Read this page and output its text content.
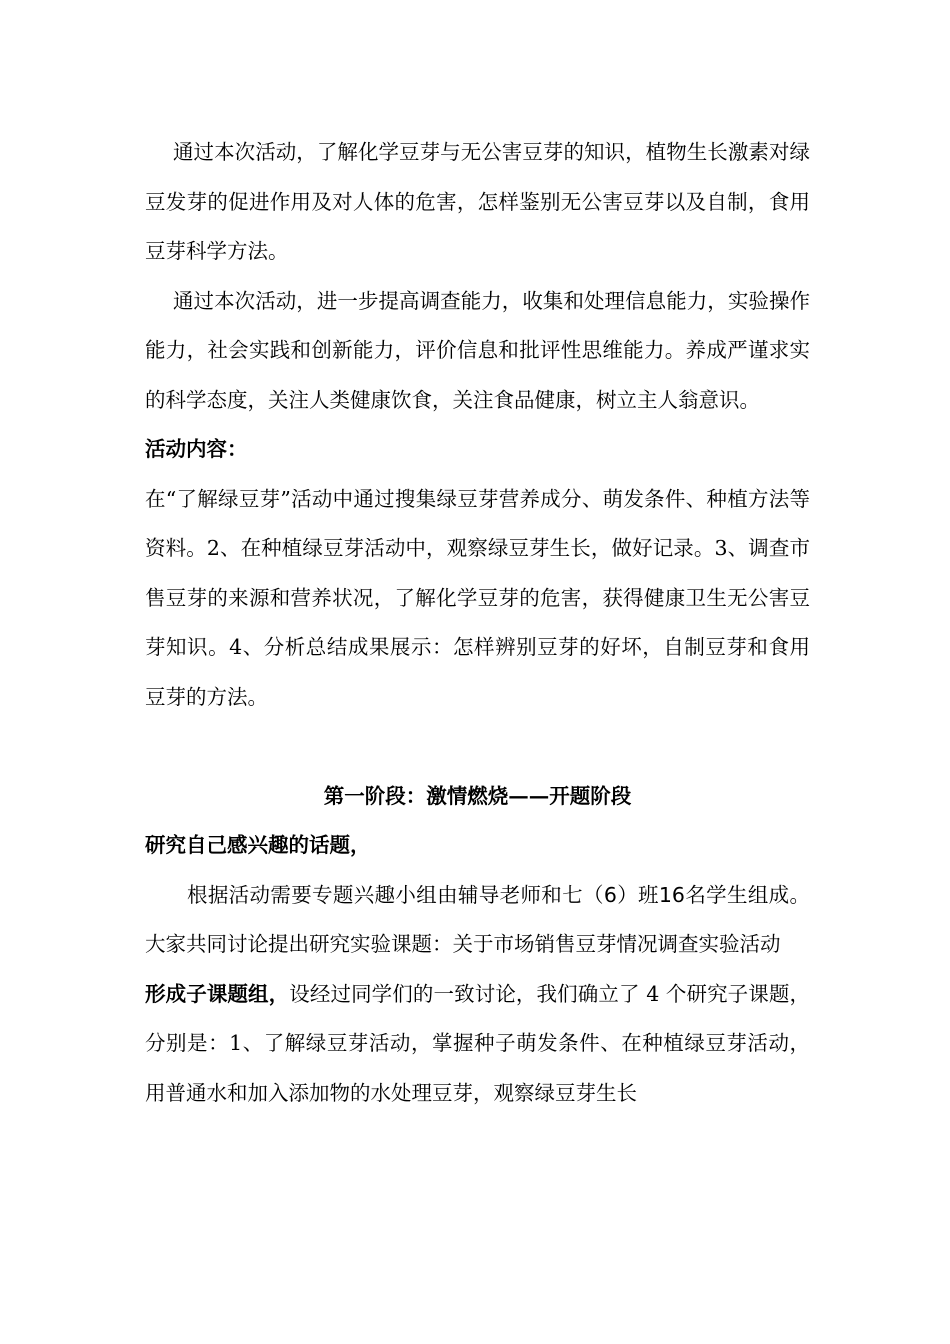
通过本次活动，了解化学豆芽与无公害豆芽的知识，植物生长激素对绿豆发芽的促进作用及对人体的危害，怎样鉴别无公害豆芽以及自制，食用豆芽科学方法。

通过本次活动，进一步提高调查能力，收集和处理信息能力，实验操作能力，社会实践和创新能力，评价信息和批评性思维能力。养成严谨求实的科学态度，关注人类健康饮食，关注食品健康，树立主人翁意识。

活动内容：

在“了解绿豆芽”活动中通过搜集绿豆芽营养成分、萌发条件、种植方法等资料。2、在种植绿豆芽活动中，观察绿豆芽生长，做好记录。3、调查市售豆芽的来源和营养状况，了解化学豆芽的危害，获得健康卫生无公害豆芽知识。4、分析总结成果展示：怎样辨别豆芽的好坏，自制豆芽和食用豆芽的方法。

第一阶段：激情燃烧——开题阶段

研究自己感兴趣的话题，

根据活动需要专题兴趣小组由辅导老师和七（6）班16名学生组成。大家共同讨论提出研究实验课题：关于市场销售豆芽情况调查实验活动

形成子课题组，设经过同学们的一致讨论，我们确立了 4 个研究子课题，分别是：1、了解绿豆芽活动，掌握种子萌发条件、在种植绿豆芽活动，用普通水和加入添加物的水处理豆芽，观察绿豆芽生长
